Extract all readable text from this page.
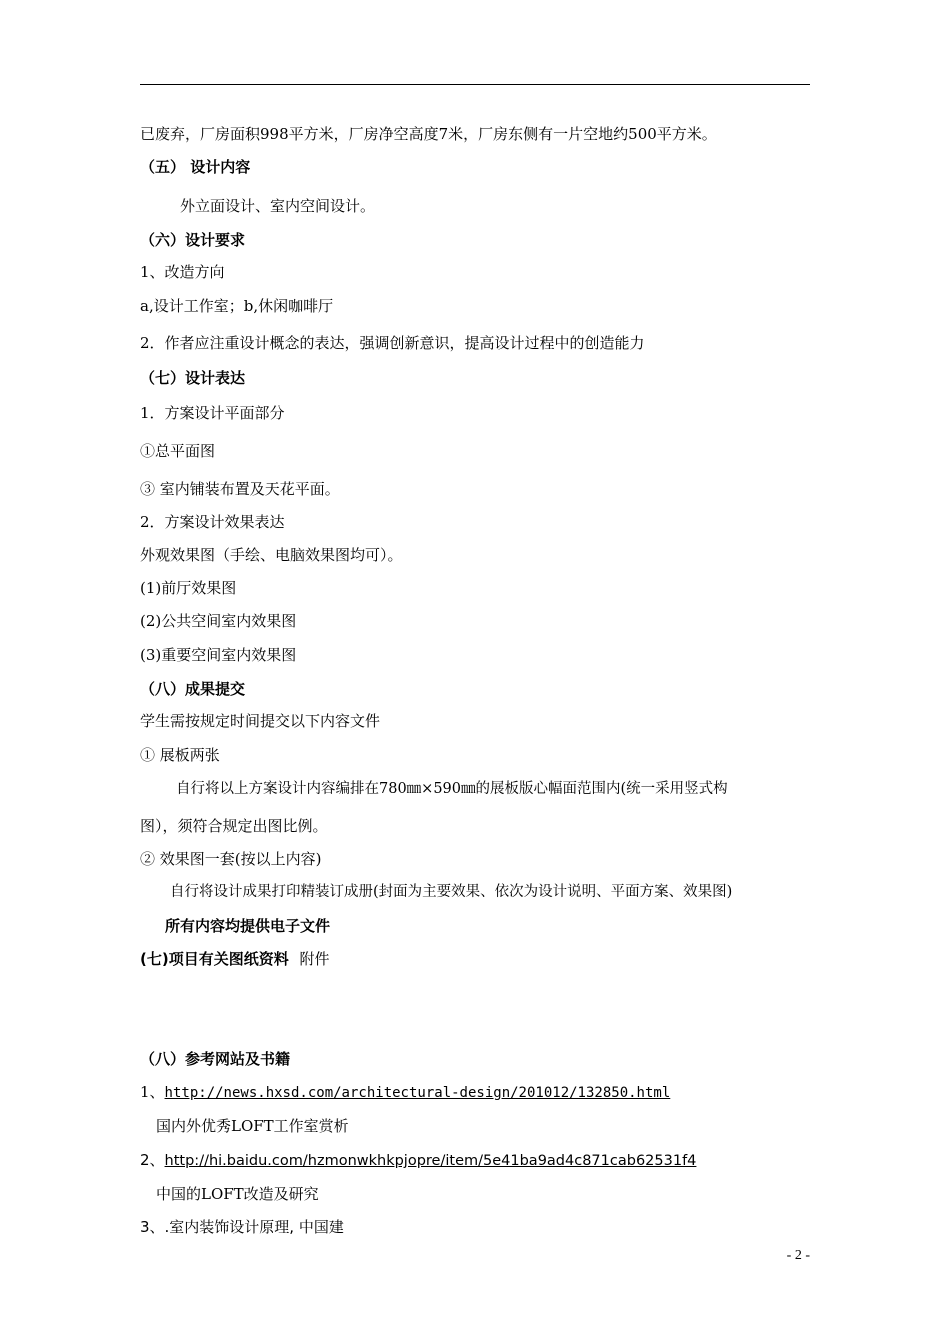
已废弃，厂房面积998平方米，厂房净空高度7米，厂房东侧有一片空地约500平方米。
（五） 设计内容
外立面设计、室内空间设计。
（六）设计要求
1、改造方向
a,设计工作室；b,休闲咖啡厅
2．作者应注重设计概念的表达，强调创新意识，提高设计过程中的创造能力
（七）设计表达
1．方案设计平面部分
①总平面图
③ 室内铺装布置及天花平面。
2．方案设计效果表达
外观效果图（手绘、电脑效果图均可）。
(1)前厅效果图
(2)公共空间室内效果图
(3)重要空间室内效果图
（八）成果提交
学生需按规定时间提交以下内容文件
① 展板两张
自行将以上方案设计内容编排在780㎜×590㎜的展板版心幅面范围内(统一采用竖式构
图），须符合规定出图比例。
② 效果图一套(按以上内容)
自行将设计成果打印精装订成册(封面为主要效果、依次为设计说明、平面方案、效果图)
所有内容均提供电子文件
(七)项目有关图纸资料 附件
（八）参考网站及书籍
1、http://news.hxsd.com/architectural-design/201012/132850.html
国内外优秀LOFT工作室赏析
2、http://hi.baidu.com/hzmonwkhkpjopre/item/5e41ba9ad4c871cab62531f4
中国的LOFT改造及研究
3、.室内装饰设计原理, 中国建
- 2 -
